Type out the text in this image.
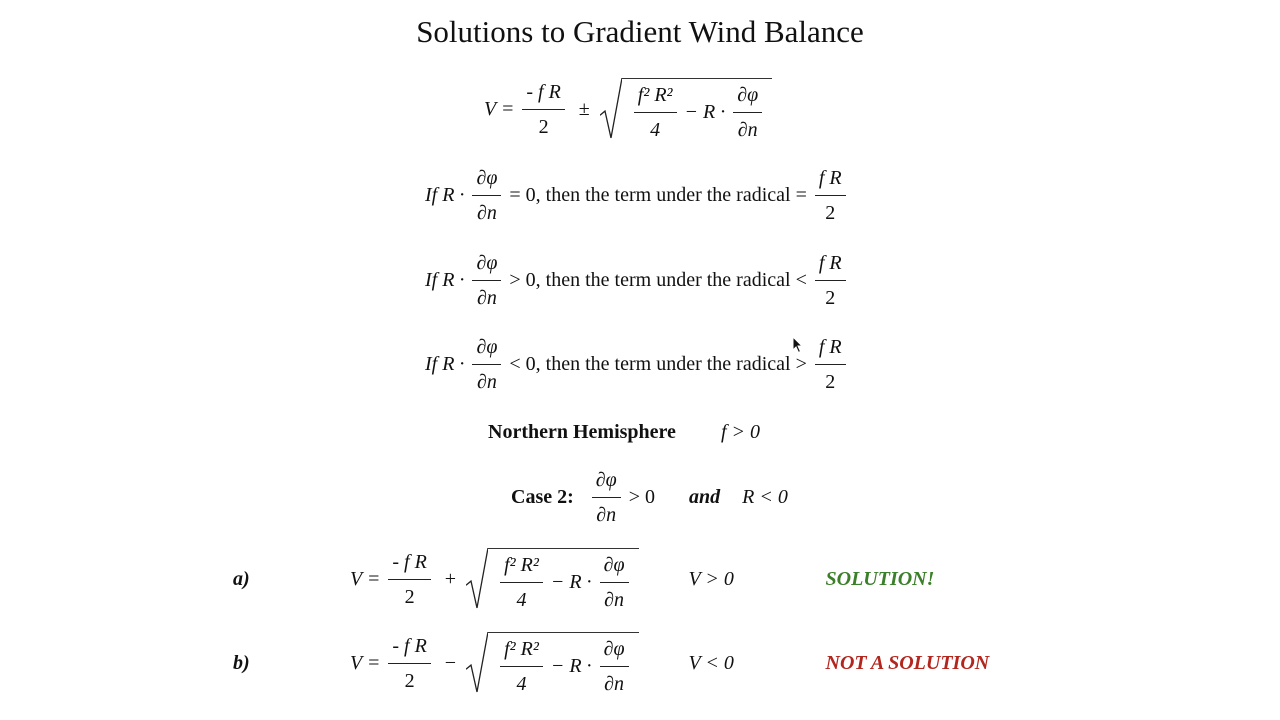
Solutions to Gradient Wind Balance
$V = \frac{\text{- f R}}{2} \pm \frac{\text{f² R²}}{4} - R \cdot \frac{\partial\varphi}{\partial n}$
If $R \cdot \frac{\partial\varphi}{\partial n} = 0$, then the term under the radical = $\frac{\text{f R}}{2}$
If $R \cdot \frac{\partial\varphi}{\partial n} > 0$, then the term under the radical < $\frac{\text{f R}}{2}$
If $R \cdot \frac{\partial\varphi}{\partial n} < 0$, then the term under the radical > $\frac{\text{f R}}{2}$
Northern Hemisphere f > 0
Case 2: $\frac{\partial\varphi}{\partial n} > 0$ and R < 0
a)	$V = \frac{\text{- f R}}{2} + \frac{\text{f² R²}}{4} - R \cdot \frac{\partial\varphi}{\partial n}$	V > 0	SOLUTION!
b)	$V = \frac{\text{- f R}}{2} - \frac{\text{f² R²}}{4} - R \cdot \frac{\partial\varphi}{\partial n}$	V < 0	NOT A SOLUTION
